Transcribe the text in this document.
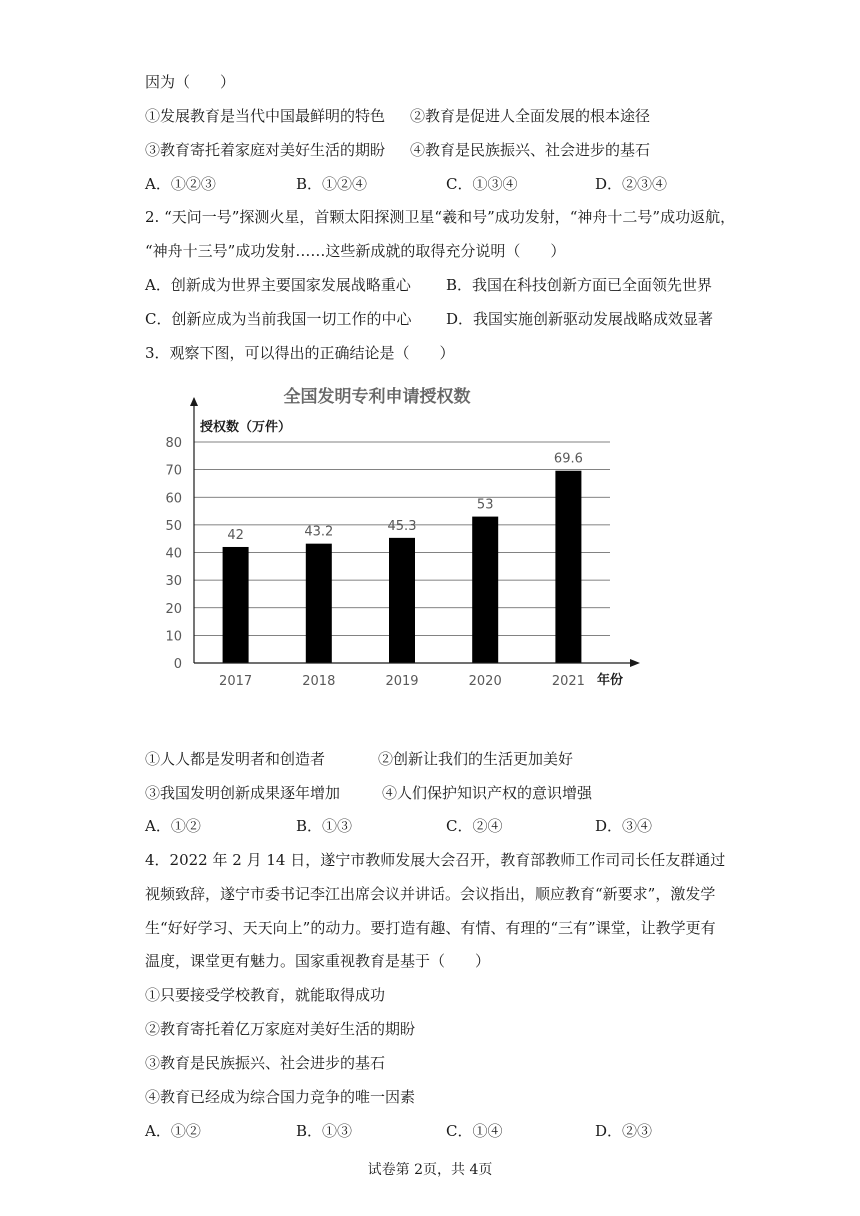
因为（　　）
①发展教育是当代中国最鲜明的特色 ②教育是促进人全面发展的根本途径
③教育寄托着家庭对美好生活的期盼 ④教育是民族振兴、社会进步的基石
A．①②③	B．①②④	C．①③④	D．②③④
2. “天问一号”探测火星，首颗太阳探测卫星“羲和号”成功发射，“神舟十二号”成功返航，
“神舟十三号”成功发射……这些新成就的取得充分说明（　　）
A．创新成为世界主要国家发展战略重心 B．我国在科技创新方面已全面领先世界
C．创新应成为当前我国一切工作的中心 D．我国实施创新驱动发展战略成效显著
3．观察下图，可以得出的正确结论是（　　）
全国发明专利申请授权数
授权数（万件）
年份
42	43.2	45.3
53
69.6
0
10
20
30
40
50
60
70
80
2017	2018	2019	2020	2021
①人人都是发明者和创造者	②创新让我们的生活更加美好
③我国发明创新成果逐年增加	④人们保护知识产权的意识增强
A．①②	B．①③	C．②④	D．③④
4．2022 年 2 月 14 日，遂宁市教师发展大会召开，教育部教师工作司司长任友群通过
视频致辞，遂宁市委书记李江出席会议并讲话。会议指出，顺应教育“新要求”，激发学
生“好好学习、天天向上”的动力。要打造有趣、有情、有理的“三有”课堂，让教学更有
温度，课堂更有魅力。国家重视教育是基于（　　）
①只要接受学校教育，就能取得成功
②教育寄托着亿万家庭对美好生活的期盼
③教育是民族振兴、社会进步的基石
④教育已经成为综合国力竞争的唯一因素
A．①②	B．①③	C．①④	D．②③
试卷第 2页，共 4页
